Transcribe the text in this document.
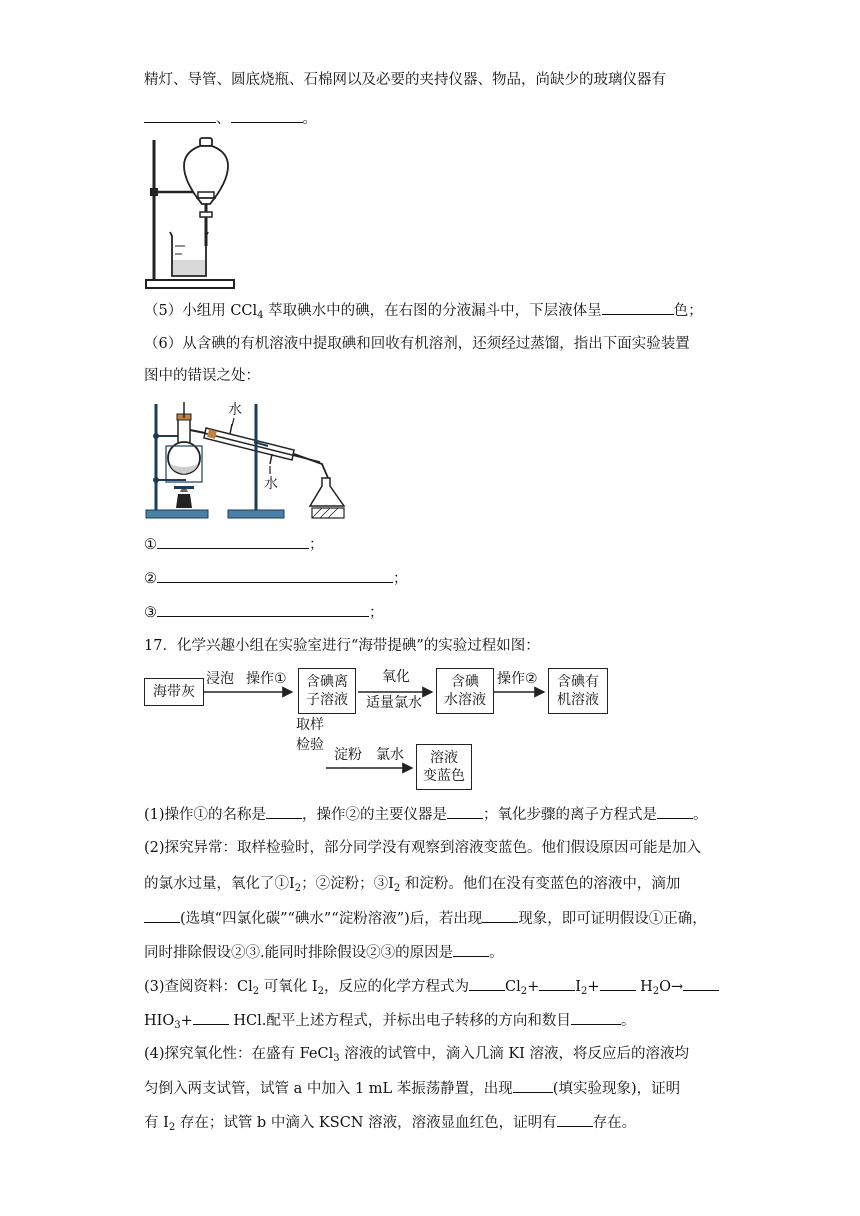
精灯、导管、圆底烧瓶、石棉网以及必要的夹持仪器、物品，尚缺少的玻璃仪器有
、	。
（5）小组用 CCl$_4$ 萃取碘水中的碘，在右图的分液漏斗中，下层液体呈	色；
（6）从含碘的有机溶液中提取碘和回收有机溶剂，还须经过蒸馏，指出下面实验装置
图中的错误之处：
水
水
①	；
②	；
③	；
17．化学兴趣小组在实验室进行“海带提碘”的实验过程如图：
海带灰
浸泡 操作① 含碘离
子溶液
氧化
适量氯水
含碘
水溶液
操作② 含碘有
机溶液
取样
检验
淀粉 氯水	溶液
变蓝色
(1)操作①的名称是 ，操作②的主要仪器是 ；氧化步骤的离子方程式是 。
(2)探究异常：取样检验时，部分同学没有观察到溶液变蓝色。他们假设原因可能是加入
的氯水过量，氧化了$①I_2$；②淀粉；$③I_2$ 和淀粉。他们在没有变蓝色的溶液中，滴加
(选填“四氯化碳”“碘水”“淀粉溶液”)后，若出现 现象，即可证明假设①正确，
同时排除假设②③.能同时排除假设②③的原因是 。
(3)查阅资料：$Cl_2$ 可氧化 $I_2$，反应的化学方程式为 $Cl_2+ I_2+ H_2O\to$
$HIO_3+$ HCl.配平上述方程式，并标出电子转移的方向和数目	。
(4)探究氧化性：在盛有 FeCl$_3$ 溶液的试管中，滴入几滴 KI 溶液，将反应后的溶液均
匀倒入两支试管，试管 a 中加入 1 mL 苯振荡静置，出现	(填实验现象)，证明
有 $I_2$ 存在；试管 b 中滴入 KSCN 溶液，溶液显血红色，证明有 存在。
